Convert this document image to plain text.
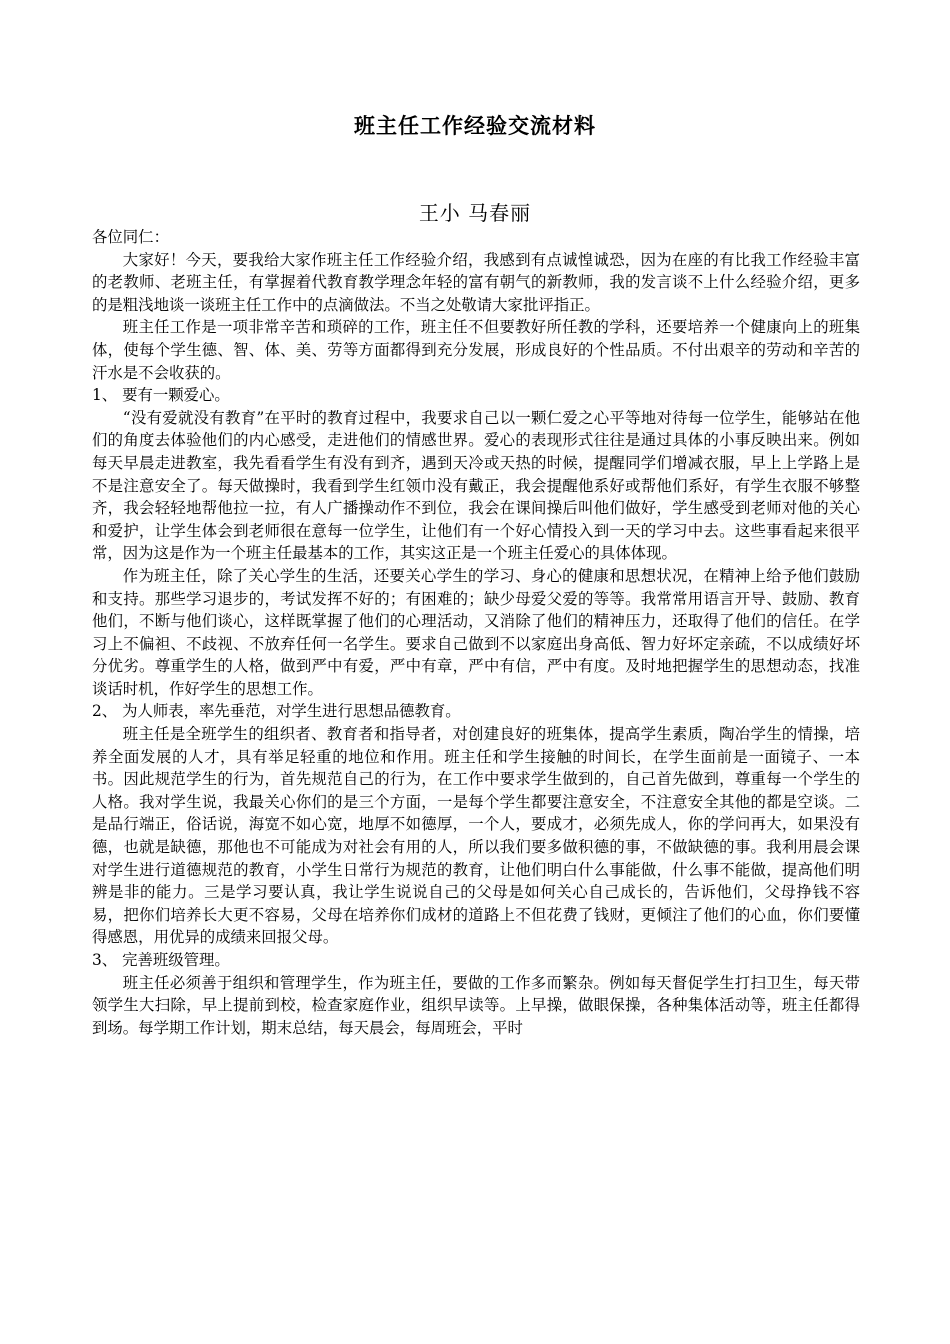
班主任工作经验交流材料
王小 马春丽

各位同仁：

大家好！今天，要我给大家作班主任工作经验介绍，我感到有点诚惶诚恐，因为在座的有比我工作经验丰富的老教师、老班主任，有掌握着代教育教学理念年轻的富有朝气的新教师，我的发言谈不上什么经验介绍，更多的是粗浅地谈一谈班主任工作中的点滴做法。不当之处敬请大家批评指正。

班主任工作是一项非常辛苦和琐碎的工作，班主任不但要教好所任教的学科，还要培养一个健康向上的班集体，使每个学生德、智、体、美、劳等方面都得到充分发展，形成良好的个性品质。不付出艰辛的劳动和辛苦的汗水是不会收获的。

1、 要有一颗爱心。

“没有爱就没有教育”在平时的教育过程中，我要求自己以一颗仁爱之心平等地对待每一位学生，能够站在他们的角度去体验他们的内心感受，走进他们的情感世界。爱心的表现形式往往是通过具体的小事反映出来。例如每天早晨走进教室，我先看看学生有没有到齐，遇到天冷或天热的时候，提醒同学们增减衣服，早上上学路上是不是注意安全了。每天做操时，我看到学生红领巾没有戴正，我会提醒他系好或帮他们系好，有学生衣服不够整齐，我会轻轻地帮他拉一拉，有人广播操动作不到位，我会在课间操后叫他们做好，学生感受到老师对他的关心和爱护，让学生体会到老师很在意每一位学生，让他们有一个好心情投入到一天的学习中去。这些事看起来很平常，因为这是作为一个班主任最基本的工作，其实这正是一个班主任爱心的具体体现。

作为班主任，除了关心学生的生活，还要关心学生的学习、身心的健康和思想状况，在精神上给予他们鼓励和支持。那些学习退步的，考试发挥不好的；有困难的；缺少母爱父爱的等等。我常常用语言开导、鼓励、教育他们，不断与他们谈心，这样既掌握了他们的心理活动，又消除了他们的精神压力，还取得了他们的信任。在学习上不偏袒、不歧视、不放弃任何一名学生。要求自己做到不以家庭出身高低、智力好坏定亲疏，不以成绩好坏分优劣。尊重学生的人格，做到严中有爱，严中有章，严中有信，严中有度。及时地把握学生的思想动态，找准谈话时机，作好学生的思想工作。

2、 为人师表，率先垂范，对学生进行思想品德教育。

班主任是全班学生的组织者、教育者和指导者，对创建良好的班集体，提高学生素质，陶冶学生的情操，培养全面发展的人才，具有举足轻重的地位和作用。班主任和学生接触的时间长，在学生面前是一面镜子、一本书。因此规范学生的行为，首先规范自己的行为，在工作中要求学生做到的，自己首先做到，尊重每一个学生的人格。我对学生说，我最关心你们的是三个方面，一是每个学生都要注意安全，不注意安全其他的都是空谈。二是品行端正，俗话说，海宽不如心宽，地厚不如德厚，一个人，要成才，必须先成人，你的学问再大，如果没有德，也就是缺德，那他也不可能成为对社会有用的人，所以我们要多做积德的事，不做缺德的事。我利用晨会课对学生进行道德规范的教育，小学生日常行为规范的教育，让他们明白什么事能做，什么事不能做，提高他们明辨是非的能力。三是学习要认真，我让学生说说自己的父母是如何关心自己成长的，告诉他们，父母挣钱不容易，把你们培养长大更不容易，父母在培养你们成材的道路上不但花费了钱财，更倾注了他们的心血，你们要懂得感恩，用优异的成绩来回报父母。

3、 完善班级管理。

班主任必须善于组织和管理学生，作为班主任，要做的工作多而繁杂。例如每天督促学生打扫卫生，每天带领学生大扫除，早上提前到校，检查家庭作业，组织早读等。上早操，做眼保操，各种集体活动等，班主任都得到场。每学期工作计划，期末总结，每天晨会，每周班会，平时
